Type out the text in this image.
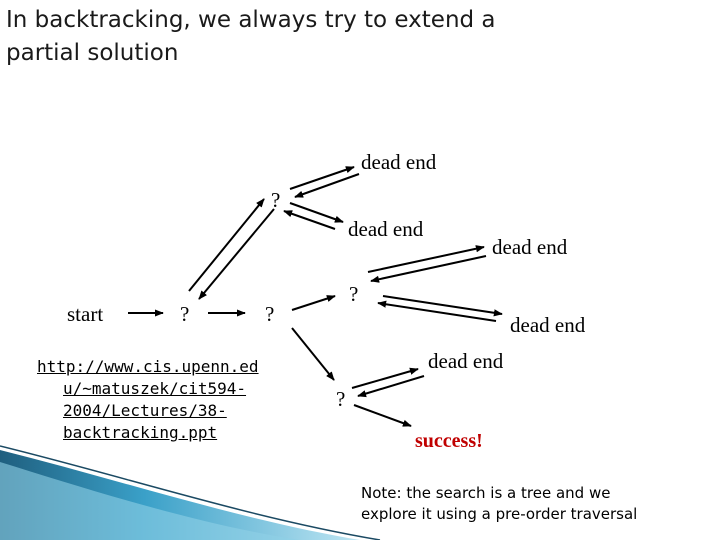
In backtracking, we always try to extend a
partial solution
start	?	?
?
?
?
dead end
dead end
dead end
dead end
dead end
success!
http://www.cis.upenn.ed
u/~matuszek/cit594-
2004/Lectures/38-
backtracking.ppt
Note: the search is a tree and we
explore it using a pre-order traversal
